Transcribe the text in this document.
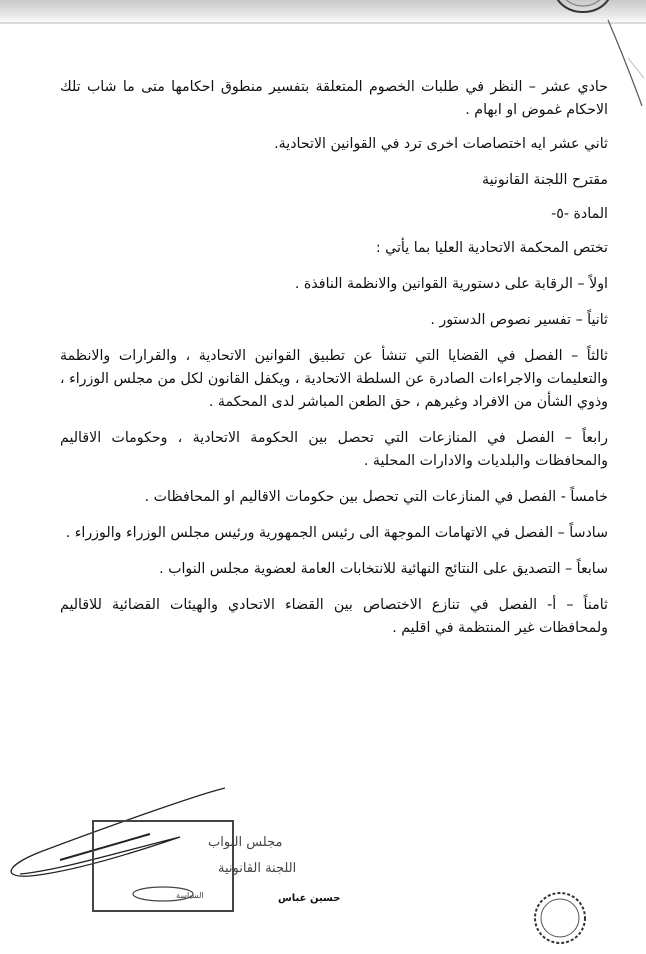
حادي عشر – النظر في طلبات الخصوم المتعلقة بتفسير منطوق احكامها متى ما شاب تلك الاحكام غموض او ابهام .

ثاني عشر ايه اختصاصات اخرى ترد في القوانين الاتحادية.

مقترح اللجنة القانونية

المادة -٥-

تختص المحكمة الاتحادية العليا بما يأتي :

اولاً – الرقابة على دستورية القوانين والانظمة النافذة .

ثانياً – تفسير نصوص الدستور .

ثالثاً – الفصل في القضايا التي تنشأ عن تطبيق القوانين الاتحادية ، والقرارات والانظمة والتعليمات والاجراءات الصادرة عن السلطة الاتحادية ، ويكفل القانون لكل من مجلس الوزراء ، وذوي الشأن من الافراد وغيرهم ، حق الطعن المباشر لدى المحكمة .

رابعاً – الفصل في المنازعات التي تحصل بين الحكومة الاتحادية ، وحكومات الاقاليم والمحافظات والبلديات والادارات المحلية .

خامساً - الفصل في المنازعات التي تحصل بين حكومات الاقاليم او المحافظات .

سادساً – الفصل في الاتهامات الموجهة الى رئيس الجمهورية ورئيس مجلس الوزراء والوزراء .

سابعاً – التصديق على النتائج النهائية للانتخابات العامة لعضوية مجلس النواب .

ثامناً – أ- الفصل في تنازع الاختصاص بين القضاء الاتحادي والهيئات القضائية للاقاليم ولمحافظات غير المنتظمة في اقليم .

مجلس النواب
اللجنة القانونية
السياسة	حسين عباس
